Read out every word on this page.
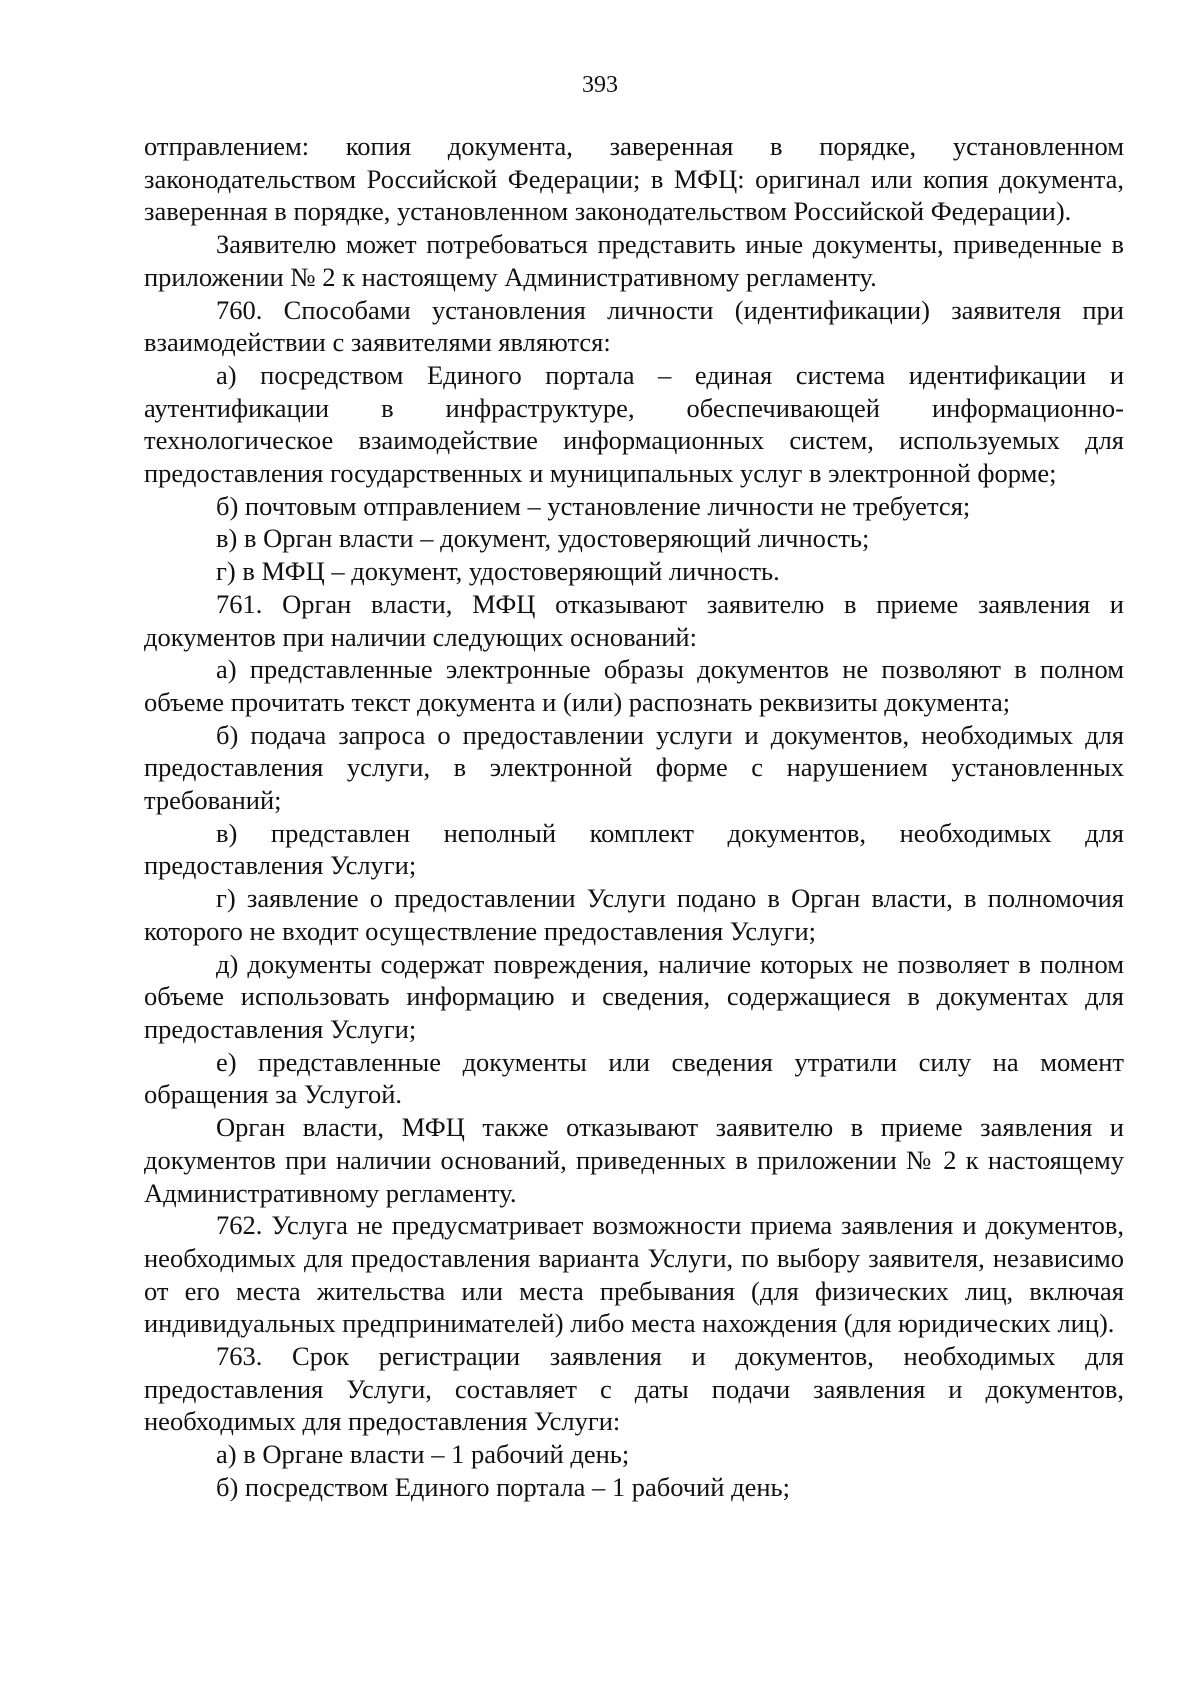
393

отправлением: копия документа, заверенная в порядке, установленном законодательством Российской Федерации; в МФЦ: оригинал или копия документа, заверенная в порядке, установленном законодательством Российской Федерации).

Заявителю может потребоваться представить иные документы, приведенные в приложении № 2 к настоящему Административному регламенту.

760. Способами установления личности (идентификации) заявителя при взаимодействии с заявителями являются:

а) посредством Единого портала – единая система идентификации и аутентификации в инфраструктуре, обеспечивающей информационно-технологическое взаимодействие информационных систем, используемых для предоставления государственных и муниципальных услуг в электронной форме;

б) почтовым отправлением – установление личности не требуется;

в) в Орган власти – документ, удостоверяющий личность;

г) в МФЦ – документ, удостоверяющий личность.

761. Орган власти, МФЦ отказывают заявителю в приеме заявления и документов при наличии следующих оснований:

а) представленные электронные образы документов не позволяют в полном объеме прочитать текст документа и (или) распознать реквизиты документа;

б) подача запроса о предоставлении услуги и документов, необходимых для предоставления услуги, в электронной форме с нарушением установленных требований;

в) представлен неполный комплект документов, необходимых для предоставления Услуги;

г) заявление о предоставлении Услуги подано в Орган власти, в полномочия которого не входит осуществление предоставления Услуги;

д) документы содержат повреждения, наличие которых не позволяет в полном объеме использовать информацию и сведения, содержащиеся в документах для предоставления Услуги;

е) представленные документы или сведения утратили силу на момент обращения за Услугой.

Орган власти, МФЦ также отказывают заявителю в приеме заявления и документов при наличии оснований, приведенных в приложении № 2 к настоящему Административному регламенту.

762. Услуга не предусматривает возможности приема заявления и документов, необходимых для предоставления варианта Услуги, по выбору заявителя, независимо от его места жительства или места пребывания (для физических лиц, включая индивидуальных предпринимателей) либо места нахождения (для юридических лиц).

763. Срок регистрации заявления и документов, необходимых для предоставления Услуги, составляет с даты подачи заявления и документов, необходимых для предоставления Услуги:

а) в Органе власти – 1 рабочий день;

б) посредством Единого портала – 1 рабочий день;
